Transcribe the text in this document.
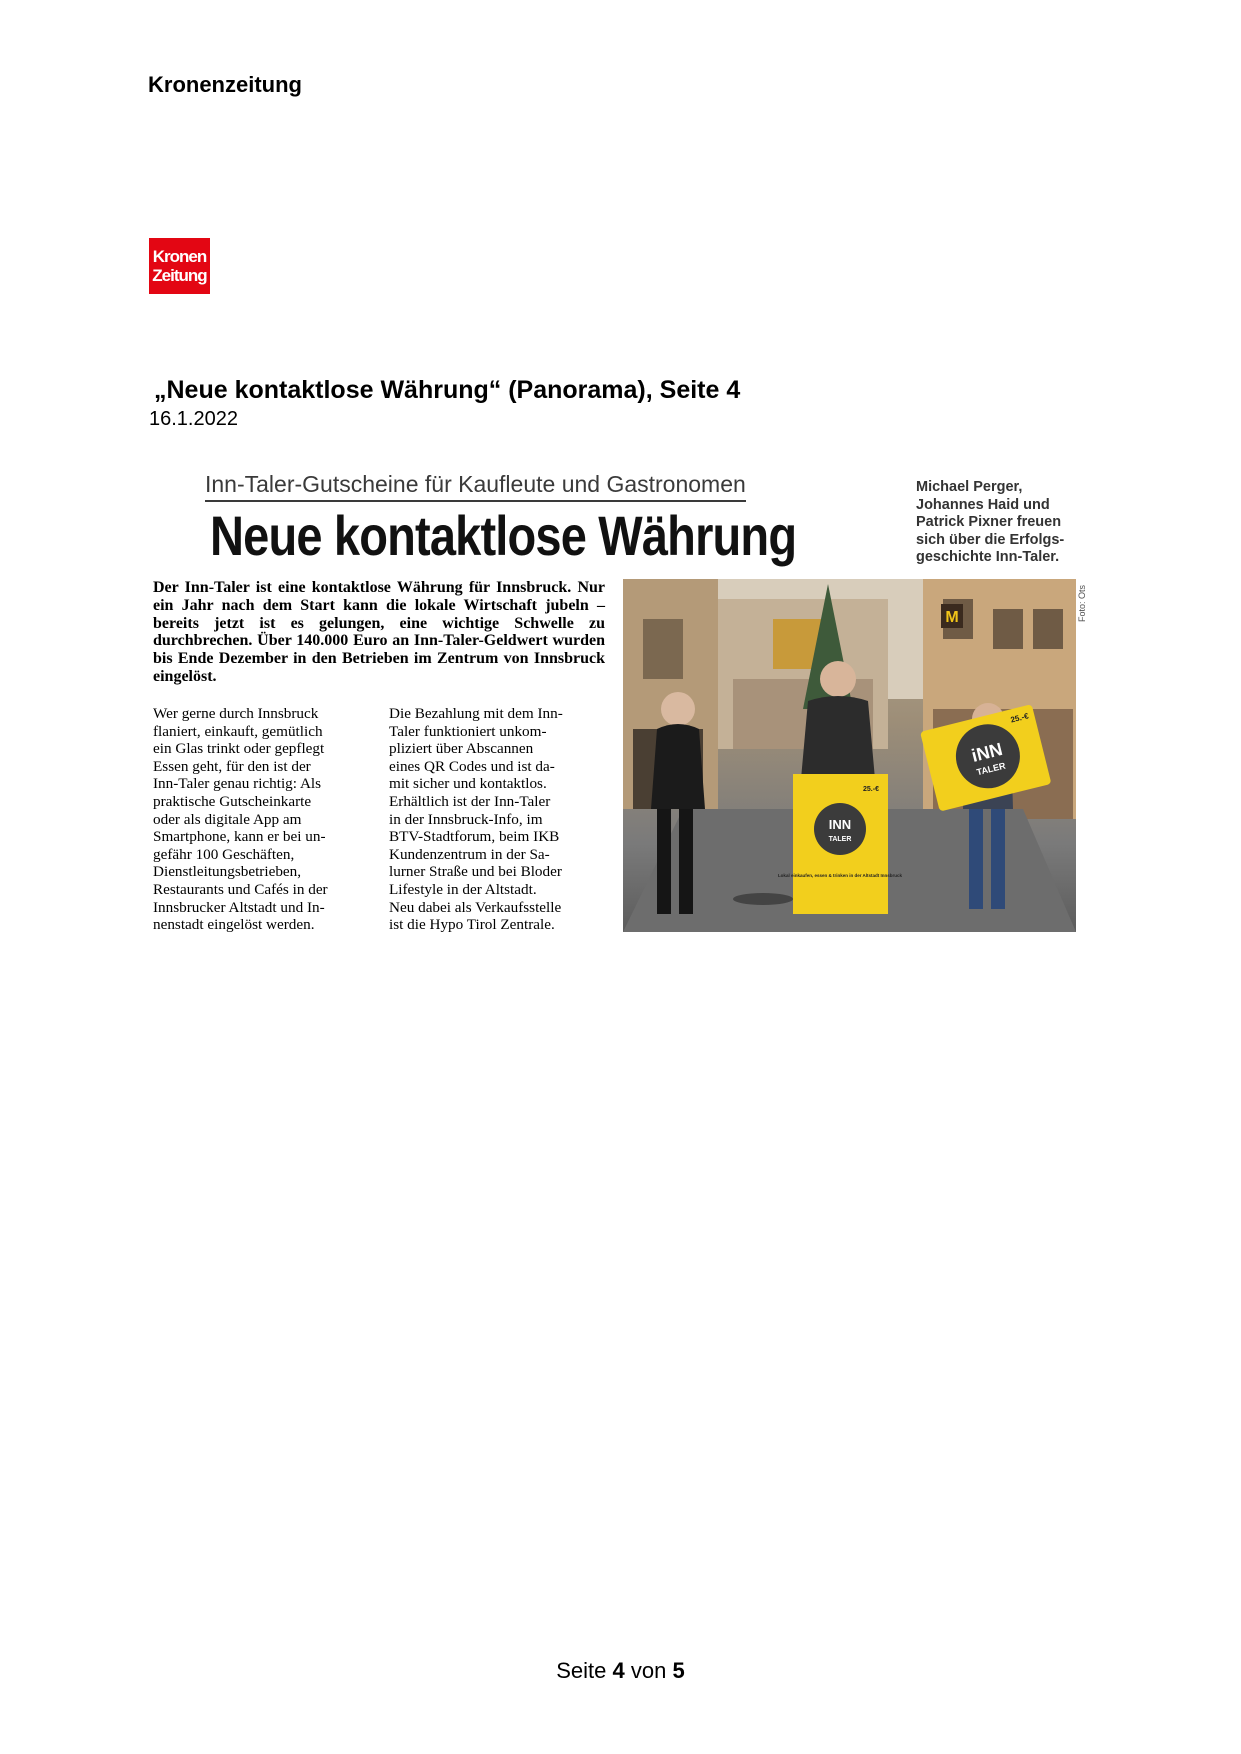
Kronenzeitung
Kronen
Zeitung
„Neue kontaktlose Währung“ (Panorama), Seite 4
16.1.2022
Inn-Taler-Gutscheine für Kaufleute und Gastronomen
Neue kontaktlose Währung
Michael Perger,
Johannes Haid und
Patrick Pixner freuen
sich über die Erfolgs-
geschichte Inn-Taler.
Der Inn-Taler ist eine kontaktlose Währung für Innsbruck. Nur ein Jahr nach dem Start kann die lokale Wirtschaft jubeln – bereits jetzt ist es gelungen, eine wichtige Schwelle zu durchbrechen. Über 140.000 Euro an Inn-Taler-Geldwert wurden bis Ende Dezember in den Betrieben im Zentrum von Innsbruck eingelöst.
Wer gerne durch Innsbruck
flaniert, einkauft, gemütlich
ein Glas trinkt oder gepflegt
Essen geht, für den ist der
Inn-Taler genau richtig: Als
praktische Gutscheinkarte
oder als digitale App am
Smartphone, kann er bei un-
gefähr 100 Geschäften,
Dienstleitungsbetrieben,
Restaurants und Cafés in der
Innsbrucker Altstadt und In-
nenstadt eingelöst werden.
Die Bezahlung mit dem Inn-
Taler funktioniert unkom-
pliziert über Abscannen
eines QR Codes und ist da-
mit sicher und kontaktlos.
Erhältlich ist der Inn-Taler
in der Innsbruck-Info, im
BTV-Stadtforum, beim IKB
Kundenzentrum in der Sa-
lurner Straße und bei Bloder
Lifestyle in der Altstadt.
Neu dabei als Verkaufsstelle
ist die Hypo Tirol Zentrale.
M
INN
TALER
25.-€
Lokal einkaufen, essen & trinken in der Altstadt Innsbruck
iNN
TALER
25.-€
Foto: Ots
Seite 4 von 5
